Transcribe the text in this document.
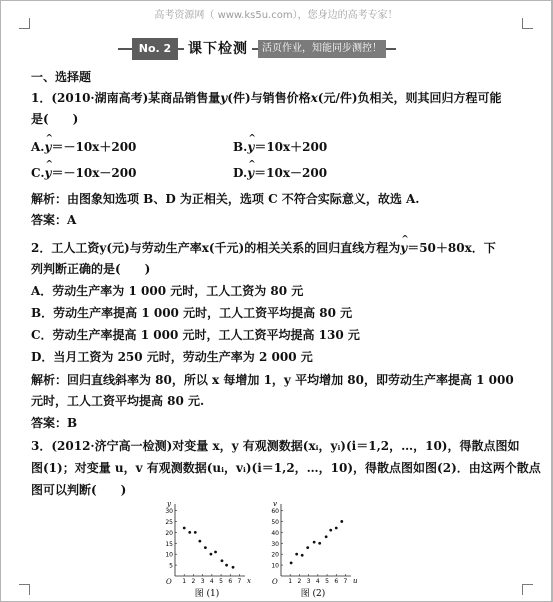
高考资源网（ www.ks5u.com），您身边的高考专家！
No. 2	课下检测	活页作业，知能同步测控！
一、选择题
1．(2010·湖南高考)某商品销售量y(件)与销售价格x(元/件)负相关，则其回归方程可能
是(　　)
A.^ y＝－10x＋200	B.^ y＝10x＋200
C.^ y＝－10x－200	D.^ y＝10x－200
解析：由图象知选项 B、D 为正相关，选项 C 不符合实际意义，故选 A.
答案：A
2．工人工资y(元)与劳动生产率x(千元)的相关关系的回归直线方程为^ y＝50＋80x．下
列判断正确的是(　　)
A．劳动生产率为 1 000 元时，工人工资为 80 元
B．劳动生产率提高 1 000 元时，工人工资平均提高 80 元
C．劳动生产率提高 1 000 元时，工人工资平均提高 130 元
D．当月工资为 250 元时，劳动生产率为 2 000 元
解析：回归直线斜率为 80，所以 x 每增加 1，y 平均增加 80，即劳动生产率提高 1 000
元时，工人工资平均提高 80 元.
答案：B
3．(2012·济宁高一检测)对变量 x，y 有观测数据(xᵢ，yᵢ)(i＝1,2，…，10)，得散点图如
图(1)；对变量 u，v 有观测数据(uᵢ，vᵢ)(i＝1,2，…，10)，得散点图如图(2)．由这两个散点
图可以判断(　　)
30
25
20
15
10
5
1 2 3 4 5 6 7
y
x
O
图 (1)
60
50
40
30
20
10
1 2 3 4 5 6 7
v
u
O
图 (2)
